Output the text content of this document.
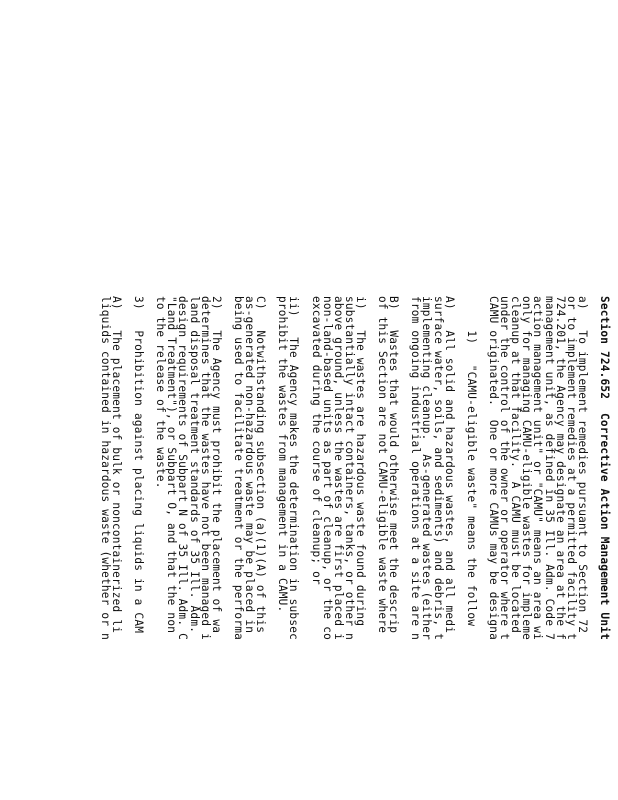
Section 724.652  Corrective Action Management Unit
a)   To implement remedies pursuant to Section 72
or to implement remedies at a permitted facility t
724.201, the Agency may designate an area at the f
management unit, as defined in 35 Ill. Adm. Code 7
action management unit" or "CAMU" means an area wi
only for managing CAMU-eligible wastes for impleme
cleanup at that facility.  A CAMU must be located
under the control of the owner or operator where t
CAMU originated.  One or more CAMUs may be designa
1)   "CAMU-eligible waste" means the follow
A)   All solid and hazardous wastes, and all medi
surface water, soils, and sediments) and debris, t
implementing cleanup.  As-generated wastes (either
from ongoing industrial operations at a site are n
B)   Wastes that would otherwise meet the descrip
of this Section are not CAMU-eligible waste where
i)   The wastes are hazardous waste found during
substantially intact containers, tanks, or other n
above ground, unless the wastes are first placed i
non-land-based units as part of cleanup, or the co
excavated during the course of cleanup; or
ii)   The Agency makes the determination in subsec
prohibit the wastes from management in a CAMU.
C)   Notwithstanding subsection (a)(1)(A) of this
as-generated non-hazardous waste may be placed in
being used to facilitate treatment or the performa
2)   The Agency must prohibit the placement of wa
determines that the wastes have not been managed i
land disposal treatment standards of 35 Ill. Adm.
design requirements of Subpart N of 35 Ill. Adm. C
"Land Treatment"), or Subpart O, and that the non
to the release of the waste.
3)   Prohibition against placing liquids in a CAM
A)   The placement of bulk or noncontainerized li
liquids contained in hazardous waste (whether or n
